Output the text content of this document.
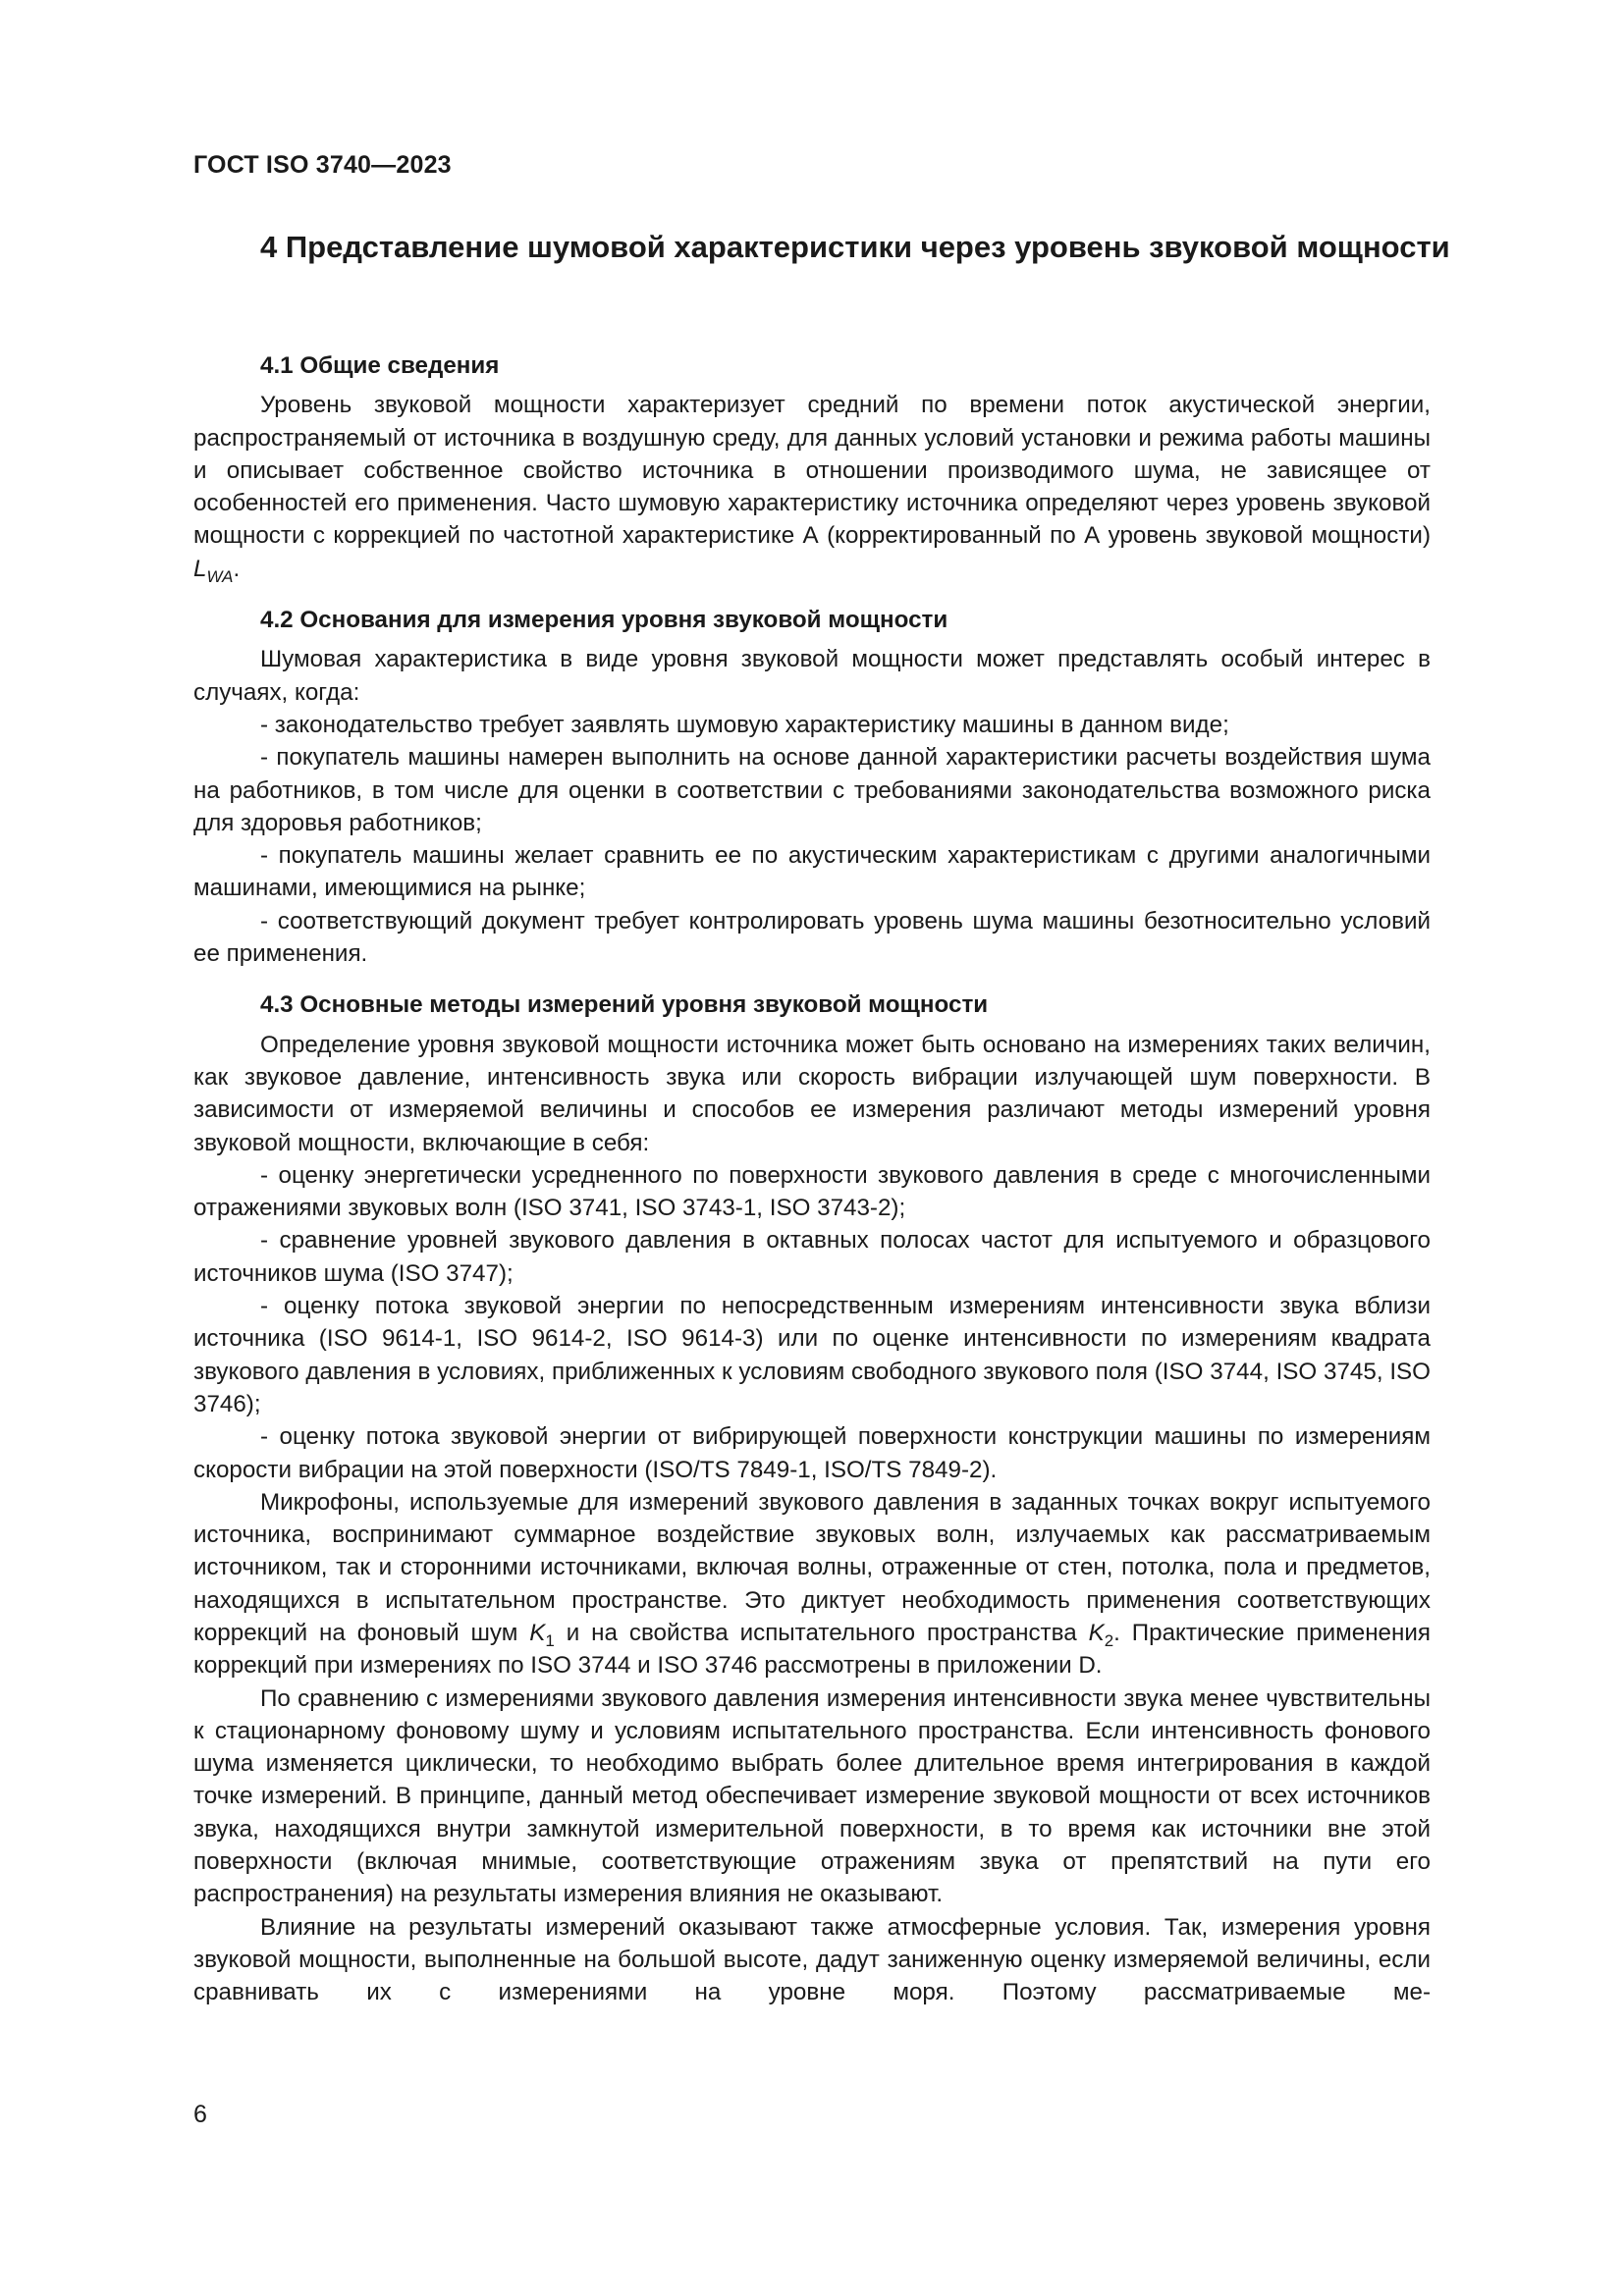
ГОСТ ISO 3740—2023
4 Представление шумовой характеристики через уровень звуковой мощности
4.1 Общие сведения

Уровень звуковой мощности характеризует средний по времени поток акустической энергии, распространяемый от источника в воздушную среду, для данных условий установки и режима работы машины и описывает собственное свойство источника в отношении производимого шума, не зависящее от особенностей его применения. Часто шумовую характеристику источника определяют через уровень звуковой мощности с коррекцией по частотной характеристике А (корректированный по А уровень звуковой мощности) $L_{WA}$.

4.2 Основания для измерения уровня звуковой мощности

Шумовая характеристика в виде уровня звуковой мощности может представлять особый интерес в случаях, когда:

- законодательство требует заявлять шумовую характеристику машины в данном виде;

- покупатель машины намерен выполнить на основе данной характеристики расчеты воздействия шума на работников, в том числе для оценки в соответствии с требованиями законодательства возможного риска для здоровья работников;

- покупатель машины желает сравнить ее по акустическим характеристикам с другими аналогичными машинами, имеющимися на рынке;

- соответствующий документ требует контролировать уровень шума машины безотносительно условий ее применения.

4.3 Основные методы измерений уровня звуковой мощности

Определение уровня звуковой мощности источника может быть основано на измерениях таких величин, как звуковое давление, интенсивность звука или скорость вибрации излучающей шум поверхности. В зависимости от измеряемой величины и способов ее измерения различают методы измерений уровня звуковой мощности, включающие в себя:

- оценку энергетически усредненного по поверхности звукового давления в среде с многочисленными отражениями звуковых волн (ISO 3741, ISO 3743-1, ISO 3743-2);

- сравнение уровней звукового давления в октавных полосах частот для испытуемого и образцового источников шума (ISO 3747);

- оценку потока звуковой энергии по непосредственным измерениям интенсивности звука вблизи источника (ISO 9614-1, ISO 9614-2, ISO 9614-3) или по оценке интенсивности по измерениям квадрата звукового давления в условиях, приближенных к условиям свободного звукового поля (ISO 3744, ISO 3745, ISO 3746);

- оценку потока звуковой энергии от вибрирующей поверхности конструкции машины по измерениям скорости вибрации на этой поверхности (ISO/TS 7849-1, ISO/TS 7849-2).

Микрофоны, используемые для измерений звукового давления в заданных точках вокруг испытуемого источника, воспринимают суммарное воздействие звуковых волн, излучаемых как рассматриваемым источником, так и сторонними источниками, включая волны, отраженные от стен, потолка, пола и предметов, находящихся в испытательном пространстве. Это диктует необходимость применения соответствующих коррекций на фоновый шум $K_1$ и на свойства испытательного пространства $K_2$. Практические применения коррекций при измерениях по ISO 3744 и ISO 3746 рассмотрены в приложении D.

По сравнению с измерениями звукового давления измерения интенсивности звука менее чувствительны к стационарному фоновому шуму и условиям испытательного пространства. Если интенсивность фонового шума изменяется циклически, то необходимо выбрать более длительное время интегрирования в каждой точке измерений. В принципе, данный метод обеспечивает измерение звуковой мощности от всех источников звука, находящихся внутри замкнутой измерительной поверхности, в то время как источники вне этой поверхности (включая мнимые, соответствующие отражениям звука от препятствий на пути его распространения) на результаты измерения влияния не оказывают.

Влияние на результаты измерений оказывают также атмосферные условия. Так, измерения уровня звуковой мощности, выполненные на большой высоте, дадут заниженную оценку измеряемой величины, если сравнивать их с измерениями на уровне моря. Поэтому рассматриваемые ме-

6
